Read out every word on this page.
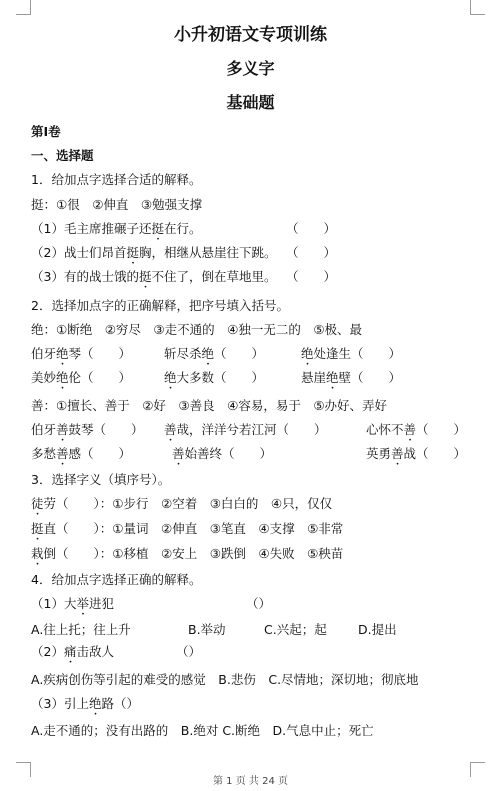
小升初语文专项训练
多义字
基础题
第I卷
一、选择题
1．给加点字选择合适的解释。
挺：①很　②伸直　③勉强支撑
（1）毛主席推碾子还挺在行。	（　　）
（2）战士们昂首挺胸，相继从悬崖往下跳。 （　　）
（3）有的战士饿的挺不住了，倒在草地里。 （　　）
2．选择加点字的正确解释，把序号填入括号。
绝：①断绝　②穷尽　③走不通的　④独一无二的　⑤极、最
伯牙绝琴（　　）	斩尽杀绝（　　）	绝处逢生（　　）
美妙绝伦（　　）	绝大多数（　　）	悬崖绝壁（　　）
善：①擅长、善于　②好　③善良　④容易，易于　⑤办好、弄好
伯牙善鼓琴（　　） 善哉，洋洋兮若江河（　　）	心怀不善（　　）
多愁善感（　　）	善始善终（　　）	英勇善战（　　）
3．选择字义（填序号）。
徒劳（　　）：①步行　②空着　③白白的　④只，仅仅
挺直（　　）：①量词　②伸直　③笔直　④支撑　⑤非常
栽倒（　　）：①移植　②安上　③跌倒　④失败　⑤秧苗
4．给加点字选择正确的解释。
（1）大举进犯	（）
A.往上托；往上升	B.举动	C.兴起；起	D.提出
（2）痛击敌人	（）
A.疾病创伤等引起的难受的感觉　B.悲伤　C.尽情地；深切地；彻底地
（3）引上绝路（）
A.走不通的；没有出路的　B.绝对 C.断绝　D.气息中止；死亡
第 1 页 共 24 页
